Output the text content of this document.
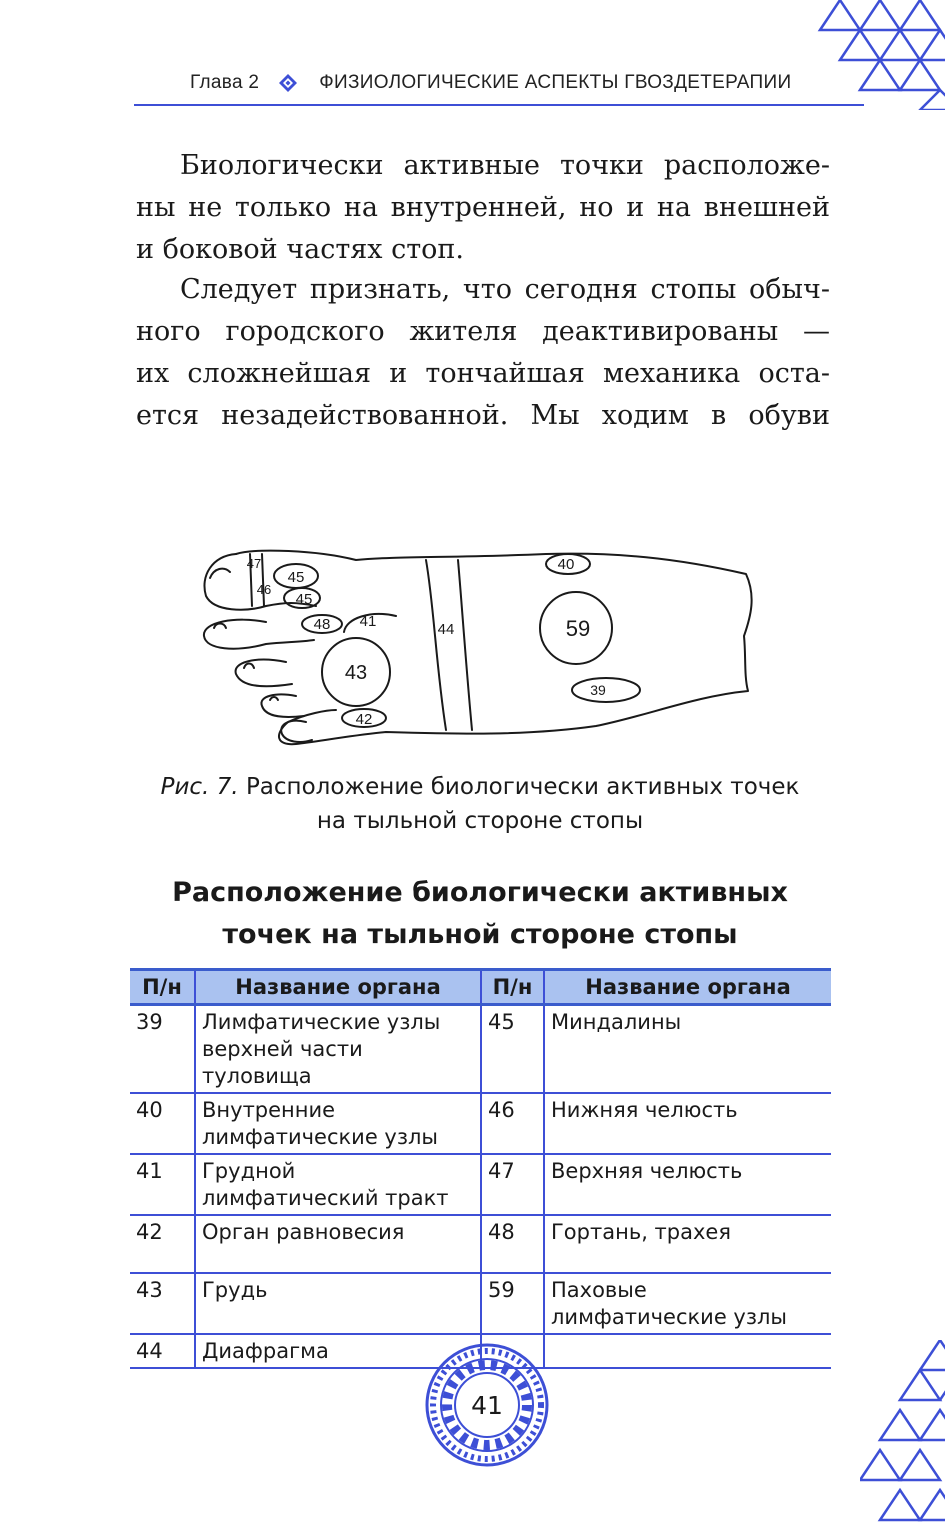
Глава 2	ФИЗИОЛОГИЧЕСКИЕ АСПЕКТЫ ГВОЗДЕТЕРАПИИ
Биологически активные точки расположе-
ны не только на внутренней, но и на внешней
и боковой частях стоп.
Следует признать, что сегодня стопы обыч-
ного городского жителя деактивированы —
их сложнейшая и тончайшая механика оста-
ется незадействованной. Мы ходим в обуви
47
46
45
45
48 41
43
42
44
40
59
39
Рис. 7. Расположение биологически активных точек
на тыльной стороне стопы
Расположение биологически активных
точек на тыльной стороне стопы
П/н	Название органа	П/н	Название органа
39	Лимфатические узлы верхней части туловища	45	Миндалины
40	Внутренние лимфатические узлы	46	Нижняя челюсть
41	Грудной лимфатический тракт	47	Верхняя челюсть
42	Орган равновесия	48	Гортань, трахея
43	Грудь	59	Паховые лимфатические узлы
44	Диафрагма		
41
